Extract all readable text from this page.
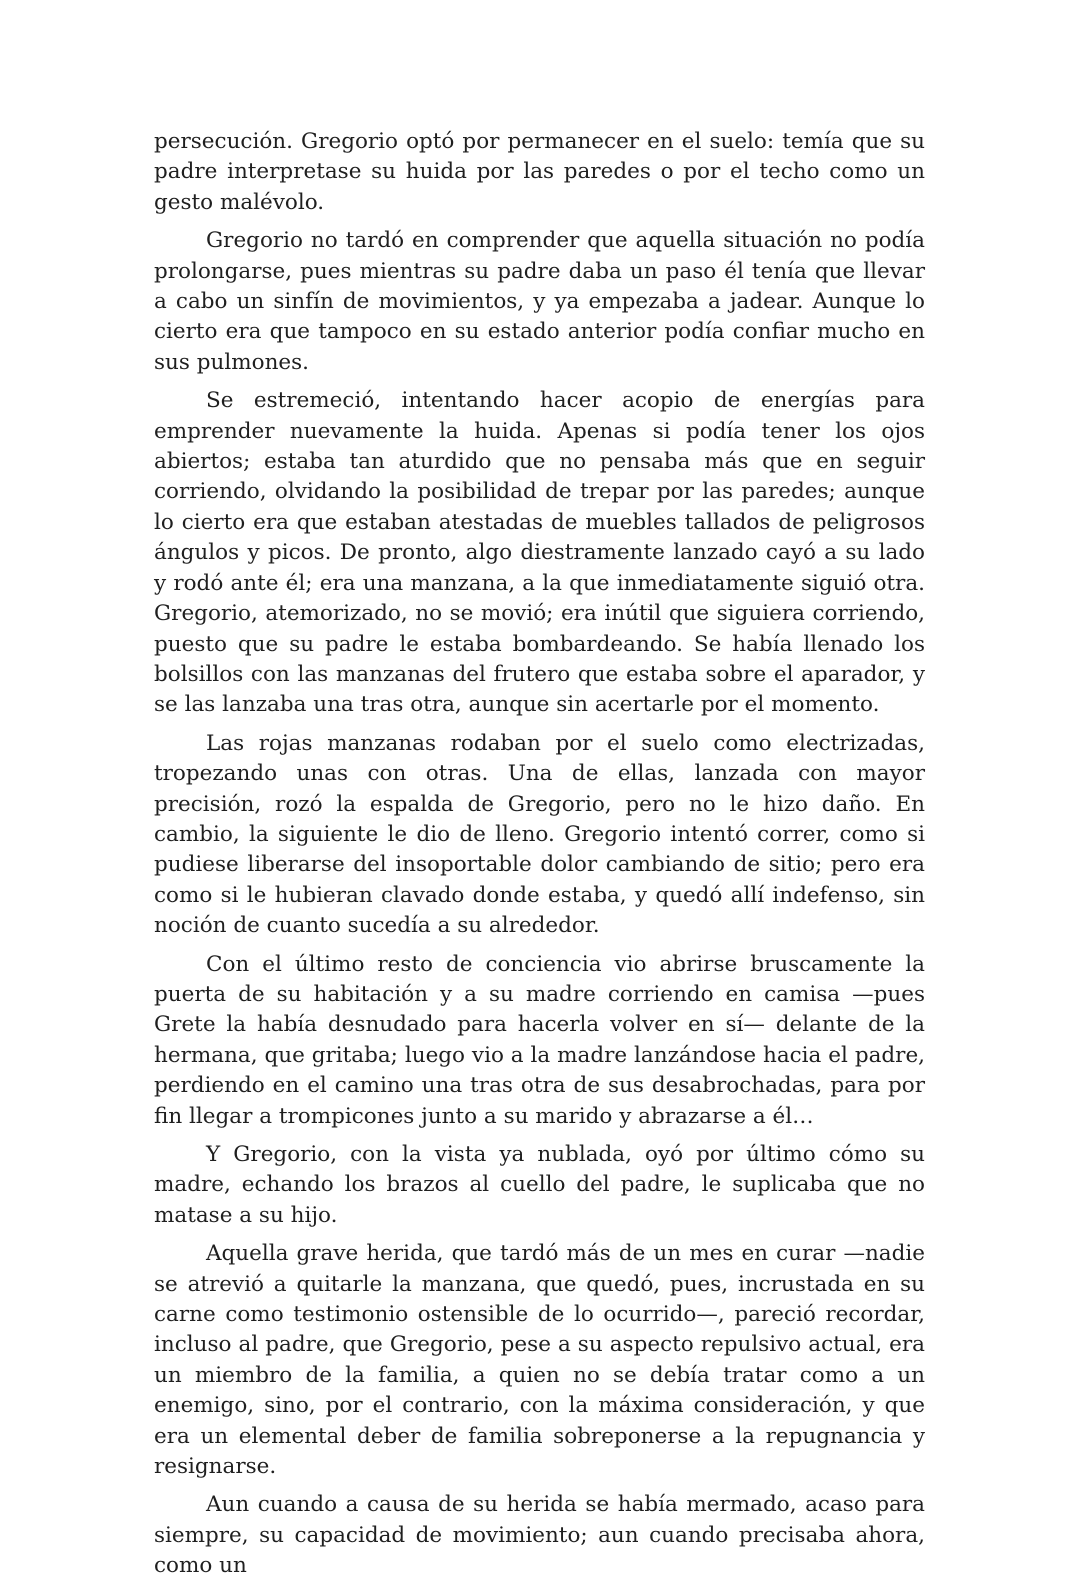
persecución. Gregorio optó por permanecer en el suelo: temía que su padre interpretase su huida por las paredes o por el techo como un gesto malévolo.

Gregorio no tardó en comprender que aquella situación no podía prolongarse, pues mientras su padre daba un paso él tenía que llevar a cabo un sinfín de movimientos, y ya empezaba a jadear. Aunque lo cierto era que tampoco en su estado anterior podía confiar mucho en sus pulmones.

Se estremeció, intentando hacer acopio de energías para emprender nuevamente la huida. Apenas si podía tener los ojos abiertos; estaba tan aturdido que no pensaba más que en seguir corriendo, olvidando la posibilidad de trepar por las paredes; aunque lo cierto era que estaban atestadas de muebles tallados de peligrosos ángulos y picos. De pronto, algo diestramente lanzado cayó a su lado y rodó ante él; era una manzana, a la que inmediatamente siguió otra. Gregorio, atemorizado, no se movió; era inútil que siguiera corriendo, puesto que su padre le estaba bombardeando. Se había llenado los bolsillos con las manzanas del frutero que estaba sobre el aparador, y se las lanzaba una tras otra, aunque sin acertarle por el momento.

Las rojas manzanas rodaban por el suelo como electrizadas, tropezando unas con otras. Una de ellas, lanzada con mayor precisión, rozó la espalda de Gregorio, pero no le hizo daño. En cambio, la siguiente le dio de lleno. Gregorio intentó correr, como si pudiese liberarse del insoportable dolor cambiando de sitio; pero era como si le hubieran clavado donde estaba, y quedó allí indefenso, sin noción de cuanto sucedía a su alrededor.

Con el último resto de conciencia vio abrirse bruscamente la puerta de su habitación y a su madre corriendo en camisa —pues Grete la había desnudado para hacerla volver en sí— delante de la hermana, que gritaba; luego vio a la madre lanzándose hacia el padre, perdiendo en el camino una tras otra de sus desabrochadas, para por fin llegar a trompicones junto a su marido y abrazarse a él…

Y Gregorio, con la vista ya nublada, oyó por último cómo su madre, echando los brazos al cuello del padre, le suplicaba que no matase a su hijo.

Aquella grave herida, que tardó más de un mes en curar —nadie se atrevió a quitarle la manzana, que quedó, pues, incrustada en su carne como testimonio ostensible de lo ocurrido—, pareció recordar, incluso al padre, que Gregorio, pese a su aspecto repulsivo actual, era un miembro de la familia, a quien no se debía tratar como a un enemigo, sino, por el contrario, con la máxima consideración, y que era un elemental deber de familia sobreponerse a la repugnancia y resignarse.

Aun cuando a causa de su herida se había mermado, acaso para siempre, su capacidad de movimiento; aun cuando precisaba ahora, como un
